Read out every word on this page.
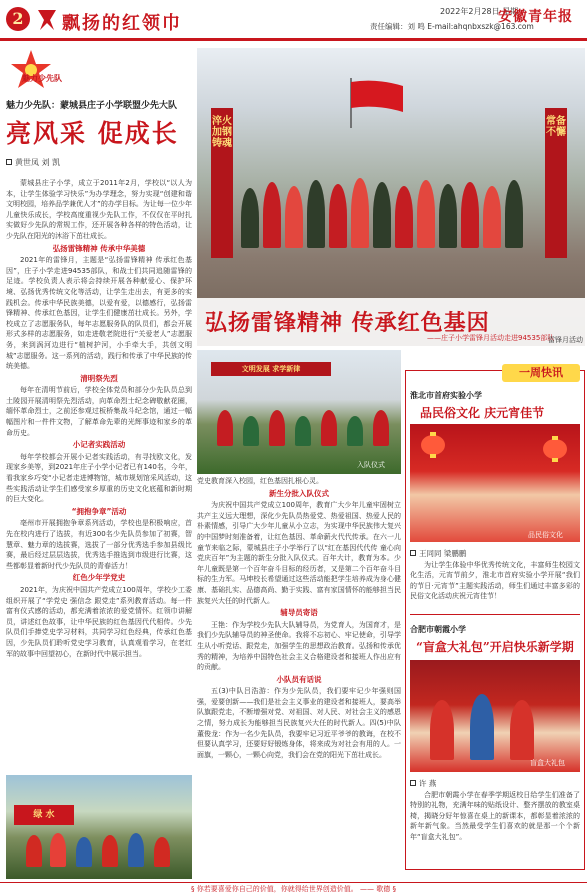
2	飘扬的红领巾
2022年2月28日 星期一
责任编辑：刘 鸣 E-mail:ahqnbxszk@163.com
安徽青年报
魅力少先队
魅力少先队：蒙城县庄子小学联盟少先大队
亮风采 促成长
黄世凤 刘 凯

蒙城县庄子小学，成立于2011年2月，学校以“以人为本，让学生体验学习快乐”为办学理念，努力实现“创建和谐文明校园，培养品学兼优人才”的办学目标。为让每一位少年儿童快乐成长，学校高度重视少先队工作，不仅仅在平时扎实做好少先队的常规工作，还开展各种各样的特色活动，让少先队在阳光的沐浴下茁壮成长。

弘扬雷锋精神 传承中华美德

2021年的雷锋月，主题是“弘扬雷锋精神 传承红色基因”，庄子小学走进94535部队，和战士们共同追随雷锋的足迹。学校负责人表示将会持续开展各种献爱心、保护环境、弘扬优秀传统文化等活动，让学生走出去，有更多的实践机会。传承中华民族美德，以爱有爱，以德感行，弘扬雷锋精神、传承红色基因，让学生们健康茁壮成长。另外，学校成立了志愿服务队，每年志愿服务队的队员们，都会开展形式多样的志愿服务，如走进敬老院进行“关爱老人”志愿服务，来到涡河边进行“植树护河，小手牵大手，共创文明城”志愿服务。这一系列的活动，践行和传承了中华民族的传统美德。

清明祭先烈

每年在清明节前后，学校全体党员和部分少先队员总到土陵园开展清明祭先烈活动，向革命烈士纪念碑敬献花圈，缅怀革命烈士，之前还参观过板桥集战斗纪念馆，通过一幅幅图片和一件件文物，了解革命先辈的光辉事迹和家乡的革命历史。

小记者实践活动

每年学校都会开展小记者实践活动，有寻找欧文化，发现家乡美等，到2021年庄子小学小记者已有140名，今年，看我家乡巧变“小记者走进博物馆，城市规划馆采风活动，这些实践活动让学生们感受家乡厚重的历史文化底蕴和新时期的巨大变化。

“拥抱争章”活动

亳州市开展拥抱争章系列活动，学校也是积极响应，首先在校内进行了选拔，有近300名少先队员参加了初赛，智慧章、魅力章的选拔赛，选拔了一部分优秀选手参加县级比赛，最后经过层层选拔，优秀选手推选到市级进行比赛，这些都彰显着新时代少先队员的青春活力！

红色少年学党史

2021年，为庆祝中国共产党成立100周年，学校少工委组织开展了“学党史 强信念 跟党走”系列教育活动。每一件富有仪式感的活动，都充满着浓浓的爱党情怀。红领巾讲解员，讲述红色故事，让中华民族的红色基因代代相传。少先队员们手捧党史学习材料，共同学习红色经典，传承红色基因，少先队员们聆听党史学习教育，认真观看学习，在老红军的故事中回望初心，在新时代中展示担当。

绿 水
淬火加钢铸魂
常备不懈
弘扬雷锋精神 传承红色基因
——庄子小学雷锋月活动走进94535部队
雷锋月活动
文明发展 求学新律
入队仪式

党史教育深入校园，红色基因扎根心灵。

新生分批入队仪式

为庆祝中国共产党成立100周年，教育广大少年儿童牢固树立共产主义远大理想，深化少先队员热爱党、热爱祖国、热爱人民的朴素情感，引导广大少年儿童从小立志，为实现中华民族伟大复兴的中国梦时刻准备着，让红色基因、革命薪火代代传承。在六一儿童节来临之际，蒙城县庄子小学举行了以“红在基因代代传 童心向党庆百年”为主题的新生分批入队仪式。百年大计，教育为本。少年儿童既是第一个百年奋斗目标的经历者，又是第二个百年奋斗目标的生力军。马坤校长希望通过这些活动能把学生培养成为身心健康、基础扎实、品德高尚、勤于实践、富有家国情怀的能够担当民族复兴大任的时代新人。

辅导员寄语

王艳：作为学校少先队大队辅导员，为党育人，为国育才，是我们少先队辅导员的神圣使命。我将不忘初心、牢记使命，引导学生从小听党话、跟党走，加强学生的思想政治教育。弘扬和传承优秀的精神，为培养中国特色社会主义合格建设者和接班人作出应有的贡献。

小队员有话说

五(3)中队吕浩游：作为少先队员，我们要牢记少年强则国强，爱要创新——我们是社会主义事业的建设者和接班人，要高举队旗跟党走，不断增强对党、对祖国、对人民、对社会主义的感恩之情，努力成长为能够担当民族复兴大任的时代新人。四(5)中队董俊龙：作为一名少先队员，我要牢记习近平爷爷的教诲，在校不但要认真学习，还要好好锻炼身体，将来成为对社会有用的人。一面旗，一颗心，一颗心向党，我们会在党的阳光下茁壮成长。

一周快讯
淮北市首府实验小学
品民俗文化 庆元宵佳节
品民俗文化
王同同 梁鹏鹏

为让学生体验中华优秀传统文化，丰富师生校园文化生活，元宵节前夕，淮北市首府实验小学开展“我们的节日·元宵节”主题实践活动，师生们通过丰富多彩的民俗文化活动庆祝元宵佳节！

合肥市朝霞小学
“盲盒大礼包”开启快乐新学期
盲盒大礼包
许 燕

合肥市朝霞小学在春季学期返校日给学生们准备了特别的礼物，充满年味的贴纸设计、整齐摆放的教室桌椅，揭晓分好年惊喜在桌上的新课本，都彰显着浓浓的新年新气象。当然最受学生们喜欢的就是那一个个新年“盲盒大礼包”。

§ 你若要喜爱你自己的价值，你就得给世界创造价值。 —— 歌德 §
